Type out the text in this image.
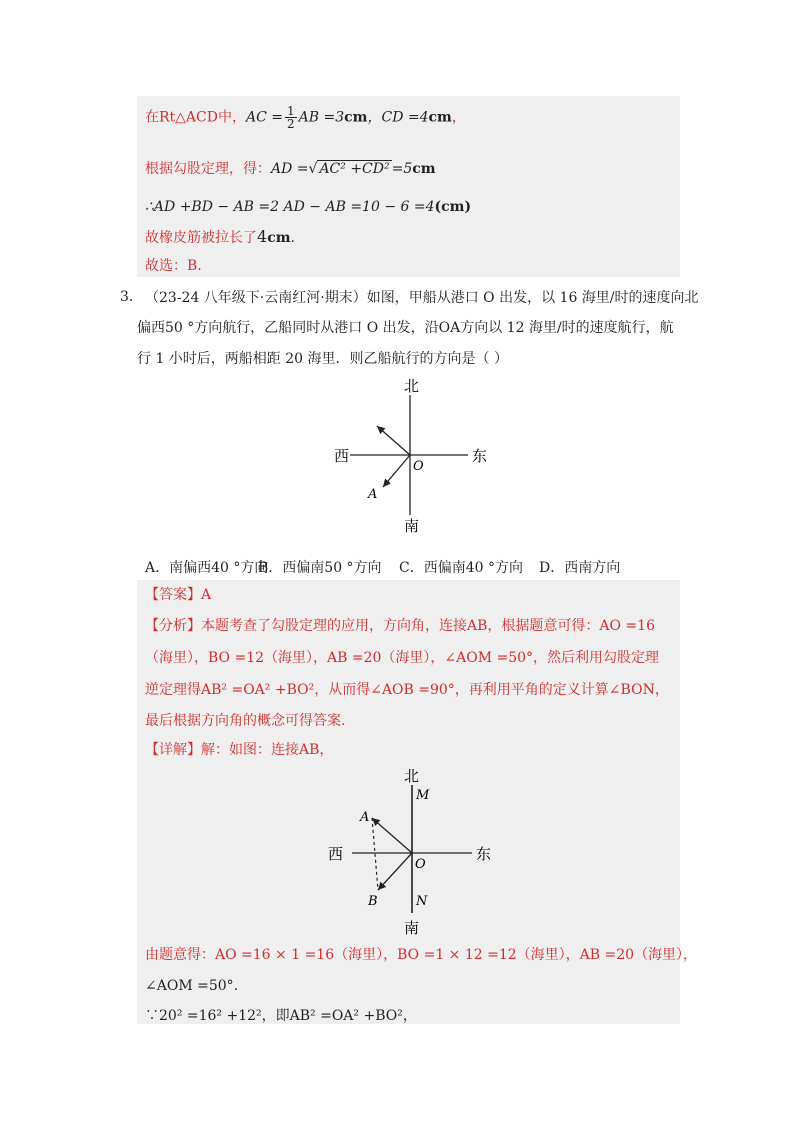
在Rt△ACD中，AC = $\frac{1}{2}$ AB =3cm，CD =4cm，
根据勾股定理，得：AD =√ AC² +CD² =5cm
∴AD +BD − AB =2 AD − AB =10 − 6 =4(cm)
故橡皮筋被拉长了4cm.
故选：B.
3. （23-24 八年级下·云南红河·期末）如图，甲船从港口 O 出发，以 16 海里/时的速度向北
偏西50 °方向航行，乙船同时从港口 O 出发，沿OA方向以 12 海里/时的速度航行，航
行 1 小时后，两船相距 20 海里．则乙船航行的方向是（ ）
北
南
西	东
O
A
A．南偏西40 °方向
B．西偏南50 °方向 C．西偏南40 °方向 D．西南方向
【答案】A
【分析】本题考查了勾股定理的应用，方向角，连接AB，根据题意可得：AO =16
（海里），BO =12（海里），AB =20（海里），∠AOM =50°，然后利用勾股定理
逆定理得AB² =OA² +BO²，从而得∠AOB =90°，再利用平角的定义计算∠BON，
最后根据方向角的概念可得答案.
【详解】解：如图：连接AB，
北
南
西	东
O
A
B
M
N
由题意得：AO =16 × 1 =16（海里），BO =1 × 12 =12（海里），AB =20（海里），
∠AOM =50°.
∵20² =16² +12²，即AB² =OA² +BO²，
